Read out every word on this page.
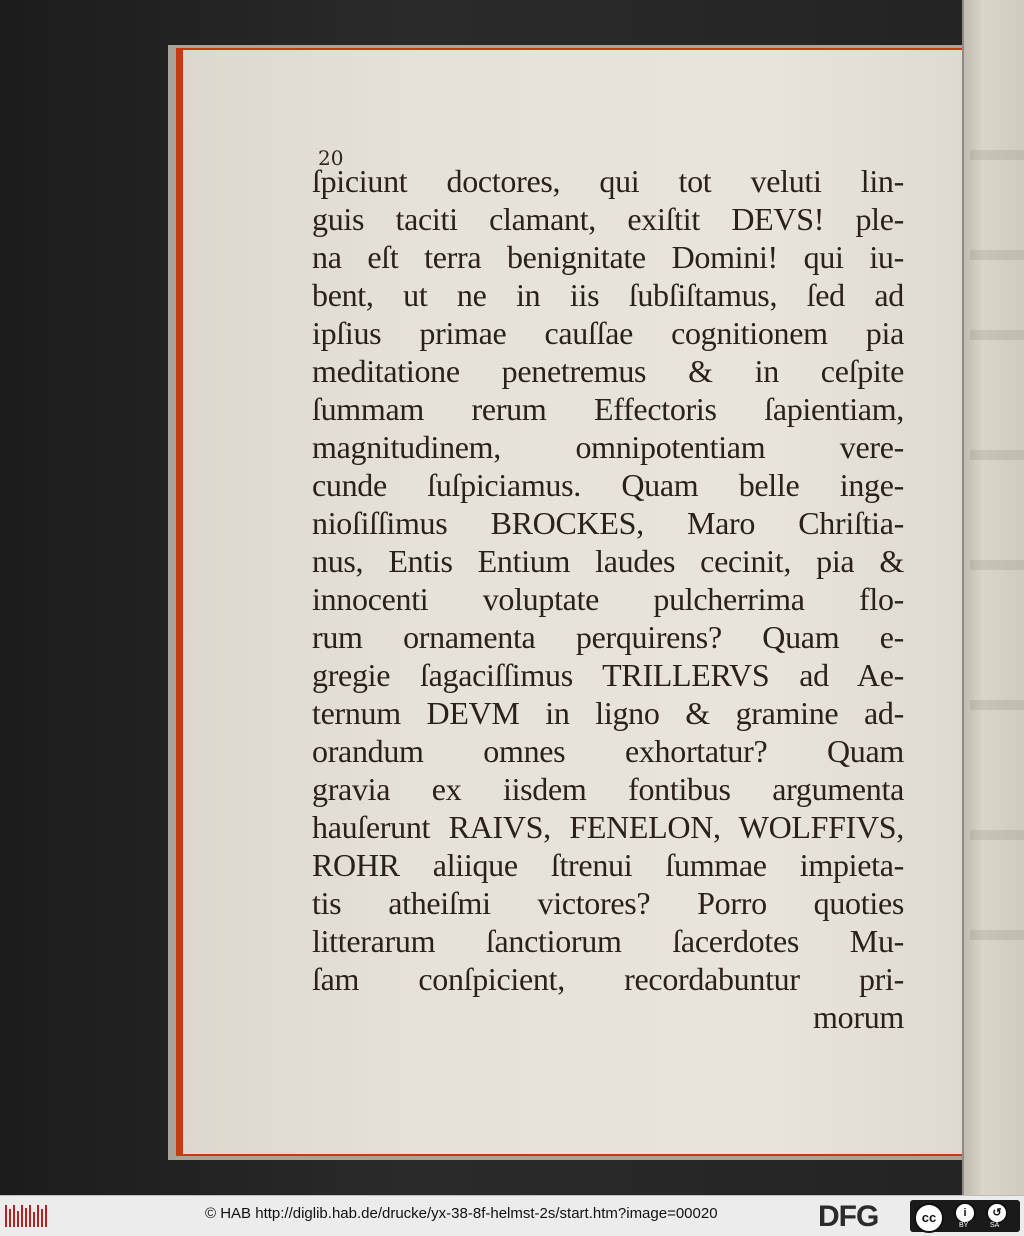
20
ſpiciunt doctores, qui tot veluti lin-
guis taciti clamant, exiſtit DEVS! ple-
na eſt terra benignitate Domini! qui iu-
bent, ut ne in iis ſubſiſtamus, ſed ad
ipſius primae cauſſae cognitionem pia
meditatione penetremus & in ceſpite
ſummam rerum Effectoris ſapientiam,
magnitudinem, omnipotentiam vere-
cunde ſuſpiciamus. Quam belle inge-
nioſiſſimus BROCKES, Maro Chriſtia-
nus, Entis Entium laudes cecinit, pia &
innocenti voluptate pulcherrima flo-
rum ornamenta perquirens? Quam e-
gregie ſagaciſſimus TRILLERVS ad Ae-
ternum DEVM in ligno & gramine ad-
orandum omnes exhortatur? Quam
gravia ex iisdem fontibus argumenta
hauſerunt RAIVS, FENELON, WOLFFIVS,
ROHR aliique ſtrenui ſummae impieta-
tis atheiſmi victores? Porro quoties
litterarum ſanctiorum ſacerdotes Mu-
ſam conſpicient, recordabuntur pri-
morum
© HAB http://diglib.hab.de/drucke/yx-38-8f-helmst-2s/start.htm?image=00020	DFG	cc	i
BY
↺
SA
